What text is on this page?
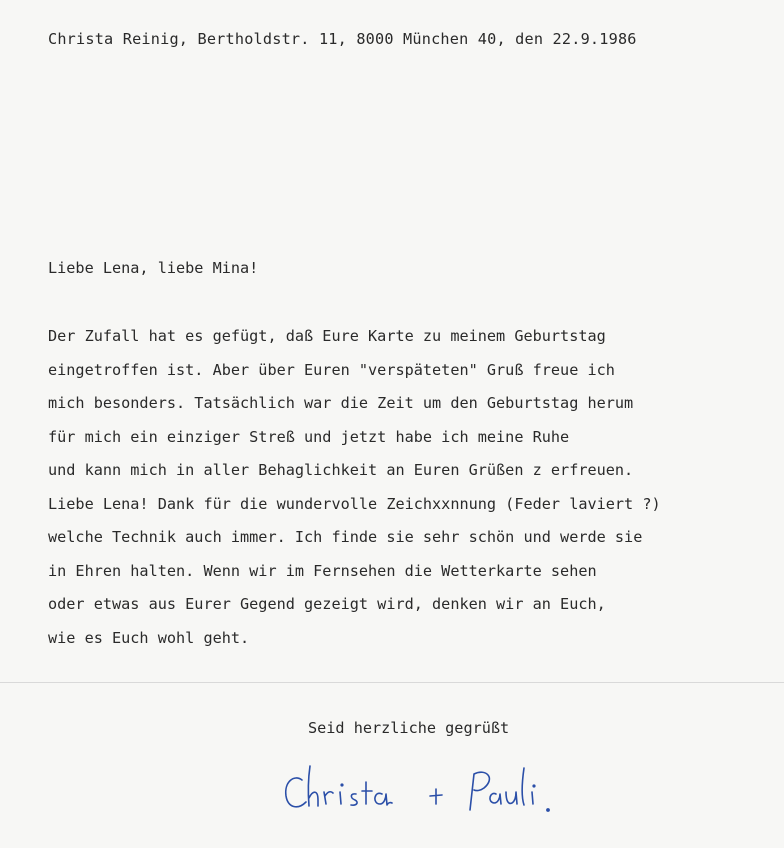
Christa Reinig, Bertholdstr. 11, 8000 München 40, den 22.9.1986
Liebe Lena, liebe Mina!
Der Zufall hat es gefügt, daß Eure Karte zu meinem Geburtstag
eingetroffen ist. Aber über Euren "verspäteten" Gruß freue ich
mich besonders. Tatsächlich war die Zeit um den Geburtstag herum
für mich ein einziger Streß und jetzt habe ich meine Ruhe
und kann mich in aller Behaglichkeit an Euren Grüßen z erfreuen.
Liebe Lena! Dank für die wundervolle Zeichxxnnung (Feder laviert ?)
welche Technik auch immer. Ich finde sie sehr schön und werde sie
in Ehren halten. Wenn wir im Fernsehen die Wetterkarte sehen
oder etwas aus Eurer Gegend gezeigt wird, denken wir an Euch,
wie es Euch wohl geht.
Seid herzliche gegrüßt
